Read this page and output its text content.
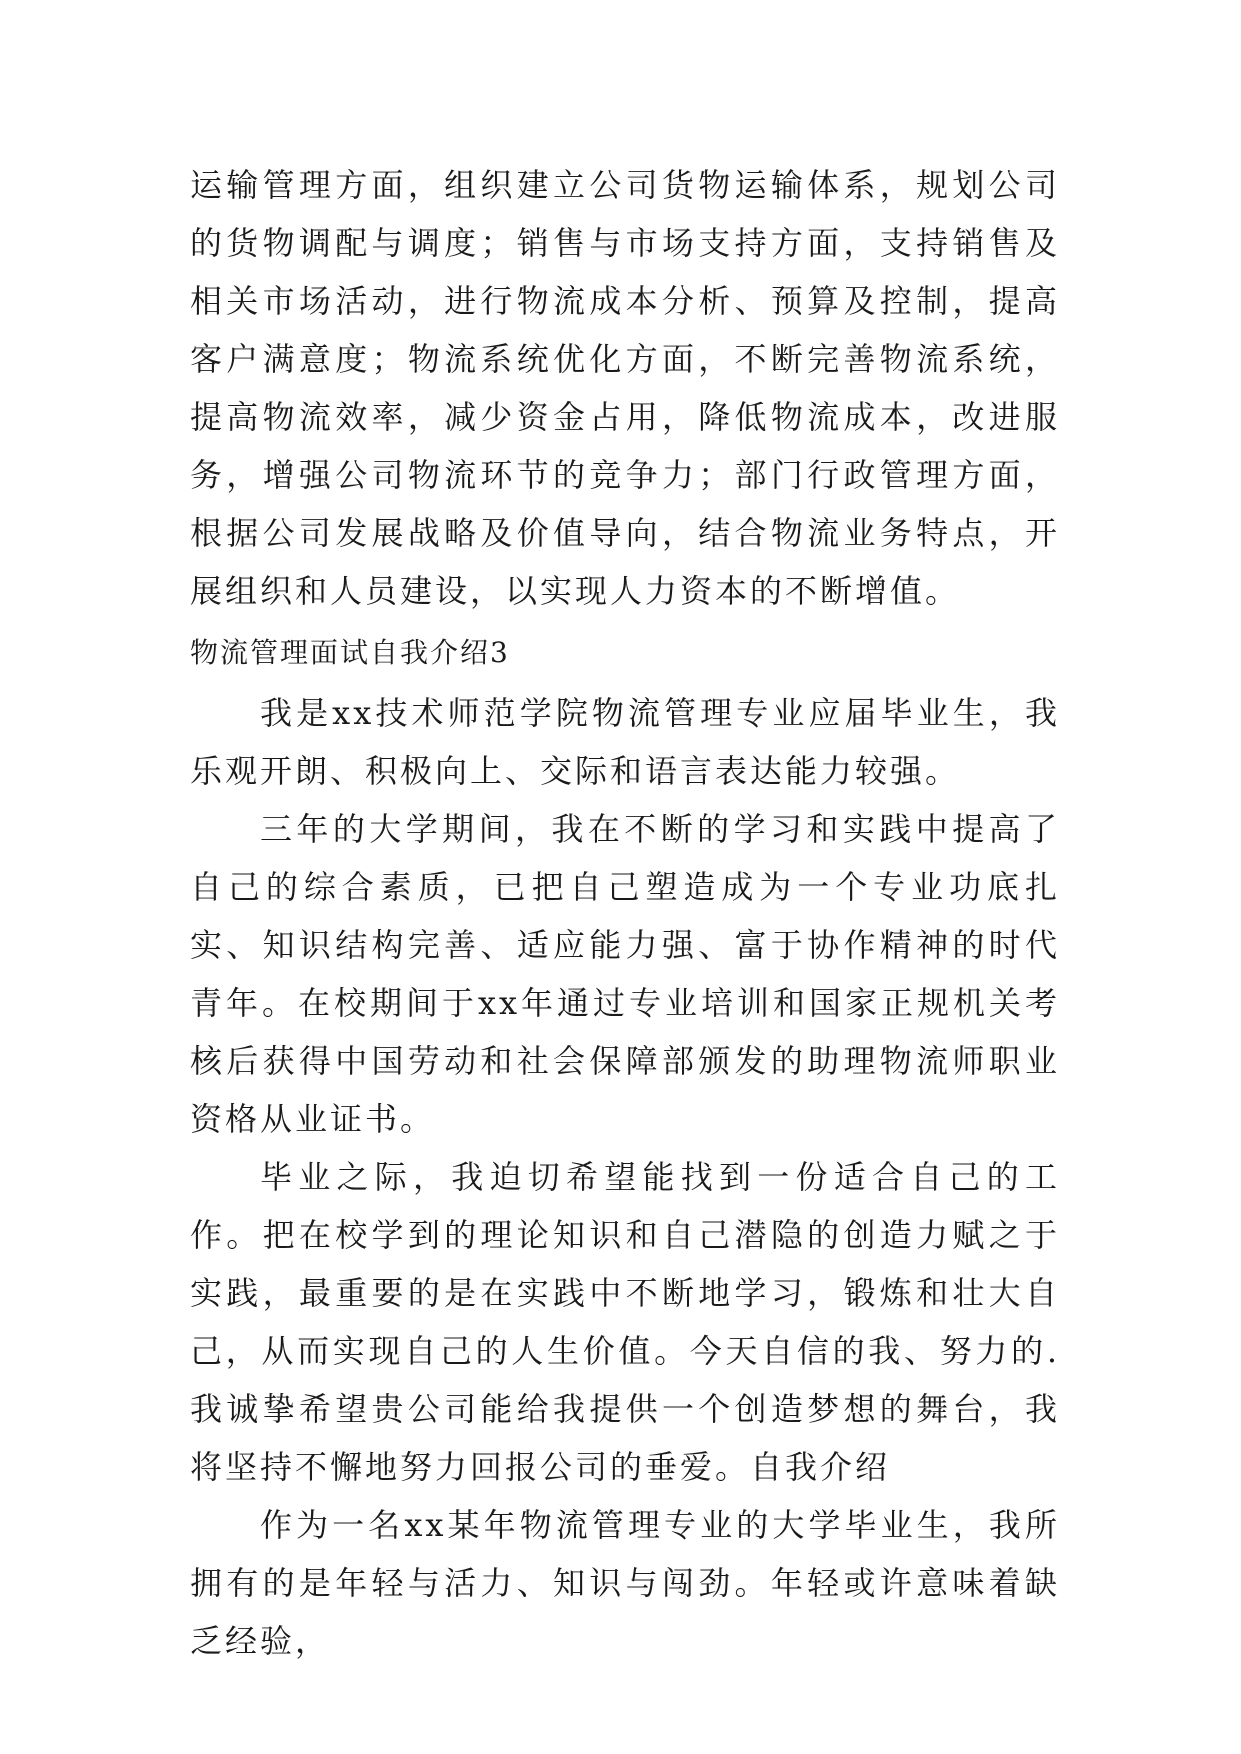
运输管理方面，组织建立公司货物运输体系，规划公司的货物调配与调度；销售与市场支持方面，支持销售及相关市场活动，进行物流成本分析、预算及控制，提高客户满意度；物流系统优化方面，不断完善物流系统，提高物流效率，减少资金占用，降低物流成本，改进服务，增强公司物流环节的竞争力；部门行政管理方面，根据公司发展战略及价值导向，结合物流业务特点，开展组织和人员建设，以实现人力资本的不断增值。

物流管理面试自我介绍3

我是xx技术师范学院物流管理专业应届毕业生，我乐观开朗、积极向上、交际和语言表达能力较强。

三年的大学期间，我在不断的学习和实践中提高了自己的综合素质，已把自己塑造成为一个专业功底扎实、知识结构完善、适应能力强、富于协作精神的时代青年。在校期间于xx年通过专业培训和国家正规机关考核后获得中国劳动和社会保障部颁发的助理物流师职业资格从业证书。

毕业之际，我迫切希望能找到一份适合自己的工作。把在校学到的理论知识和自己潜隐的创造力赋之于实践，最重要的是在实践中不断地学习，锻炼和壮大自己，从而实现自己的人生价值。今天自信的我、努力的.我诚挚希望贵公司能给我提供一个创造梦想的舞台，我将坚持不懈地努力回报公司的垂爱。自我介绍

作为一名xx某年物流管理专业的大学毕业生，我所拥有的是年轻与活力、知识与闯劲。年轻或许意味着缺乏经验，
